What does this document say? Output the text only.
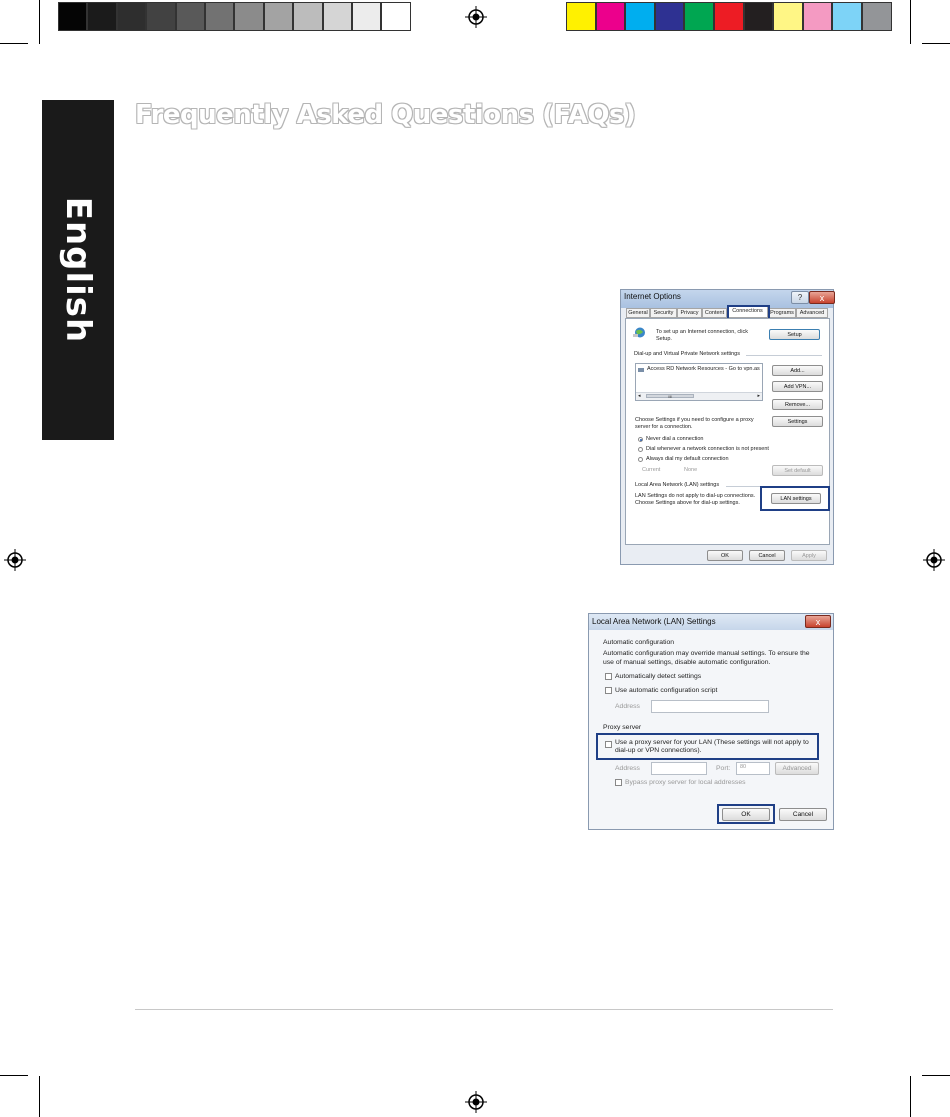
English
Frequently Asked Questions (FAQs)
Internet Options	?	x
General	Security	Privacy	Content	Connections	Programs	Advanced
To set up an Internet connection, click
Setup.
Setup
Dial-up and Virtual Private Network settings
Access RD Network Resources - Go to vpn.as
◂	III	▸
Add...
Add VPN...
Remove...
Choose Settings if you need to configure a proxy
server for a connection.
Settings
Never dial a connection
Dial whenever a network connection is not present
Always dial my default connection
Current	None	Set default
Local Area Network (LAN) settings
LAN Settings do not apply to dial-up connections.
Choose Settings above for dial-up settings.
LAN settings
OK	Cancel	Apply
Local Area Network (LAN) Settings	x
Automatic configuration
Automatic configuration may override manual settings. To ensure the
use of manual settings, disable automatic configuration.
Automatically detect settings
Use automatic configuration script
Address
Proxy server
Use a proxy server for your LAN (These settings will not apply to
dial-up or VPN connections).
Address	Port:	80	Advanced
Bypass proxy server for local addresses
OK	Cancel
